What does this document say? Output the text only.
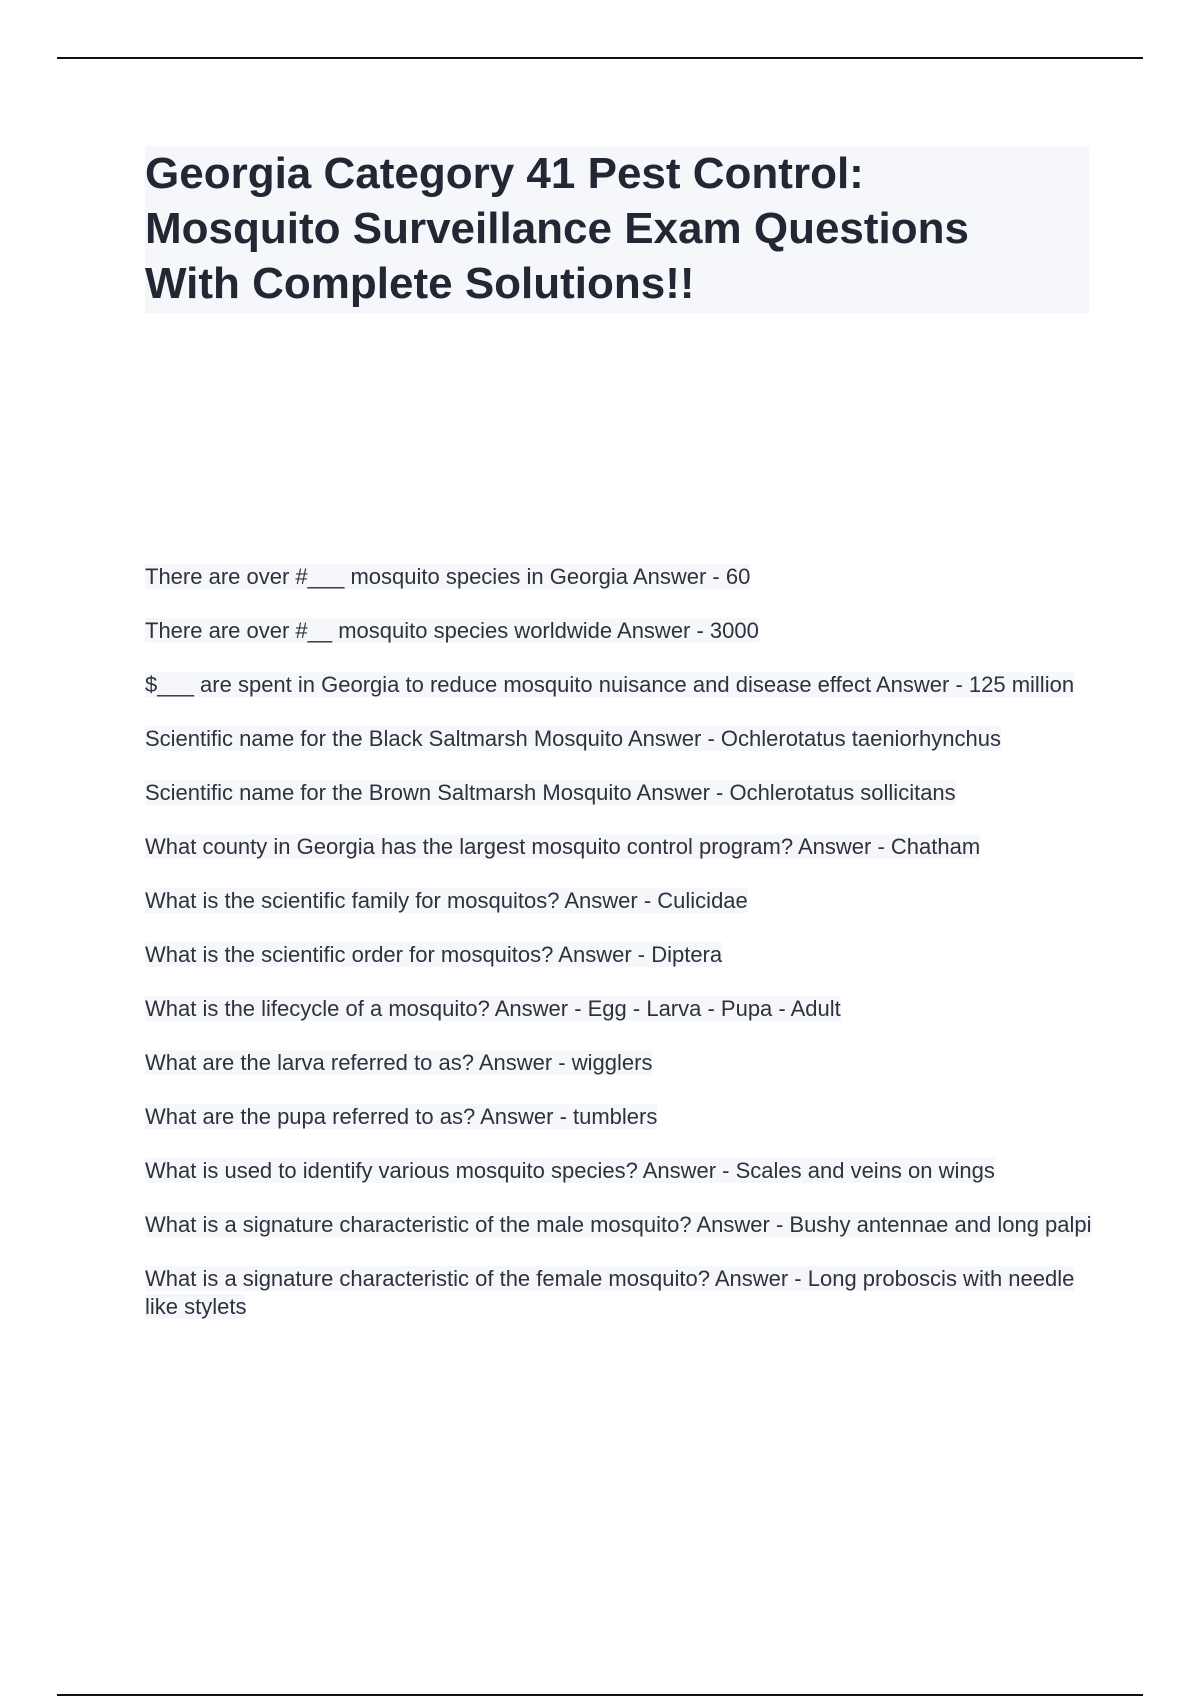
Georgia Category 41 Pest Control:
Mosquito Surveillance Exam Questions
With Complete Solutions!!

There are over #___ mosquito species in Georgia Answer - 60

There are over #__ mosquito species worldwide Answer - 3000

$___ are spent in Georgia to reduce mosquito nuisance and disease effect Answer - 125 million

Scientific name for the Black Saltmarsh Mosquito Answer - Ochlerotatus taeniorhynchus

Scientific name for the Brown Saltmarsh Mosquito Answer - Ochlerotatus sollicitans

What county in Georgia has the largest mosquito control program? Answer - Chatham

What is the scientific family for mosquitos? Answer - Culicidae

What is the scientific order for mosquitos? Answer - Diptera

What is the lifecycle of a mosquito? Answer - Egg - Larva - Pupa - Adult

What are the larva referred to as? Answer - wigglers

What are the pupa referred to as? Answer - tumblers

What is used to identify various mosquito species? Answer - Scales and veins on wings

What is a signature characteristic of the male mosquito? Answer - Bushy antennae and long palpi

What is a signature characteristic of the female mosquito? Answer - Long proboscis with needle like stylets
